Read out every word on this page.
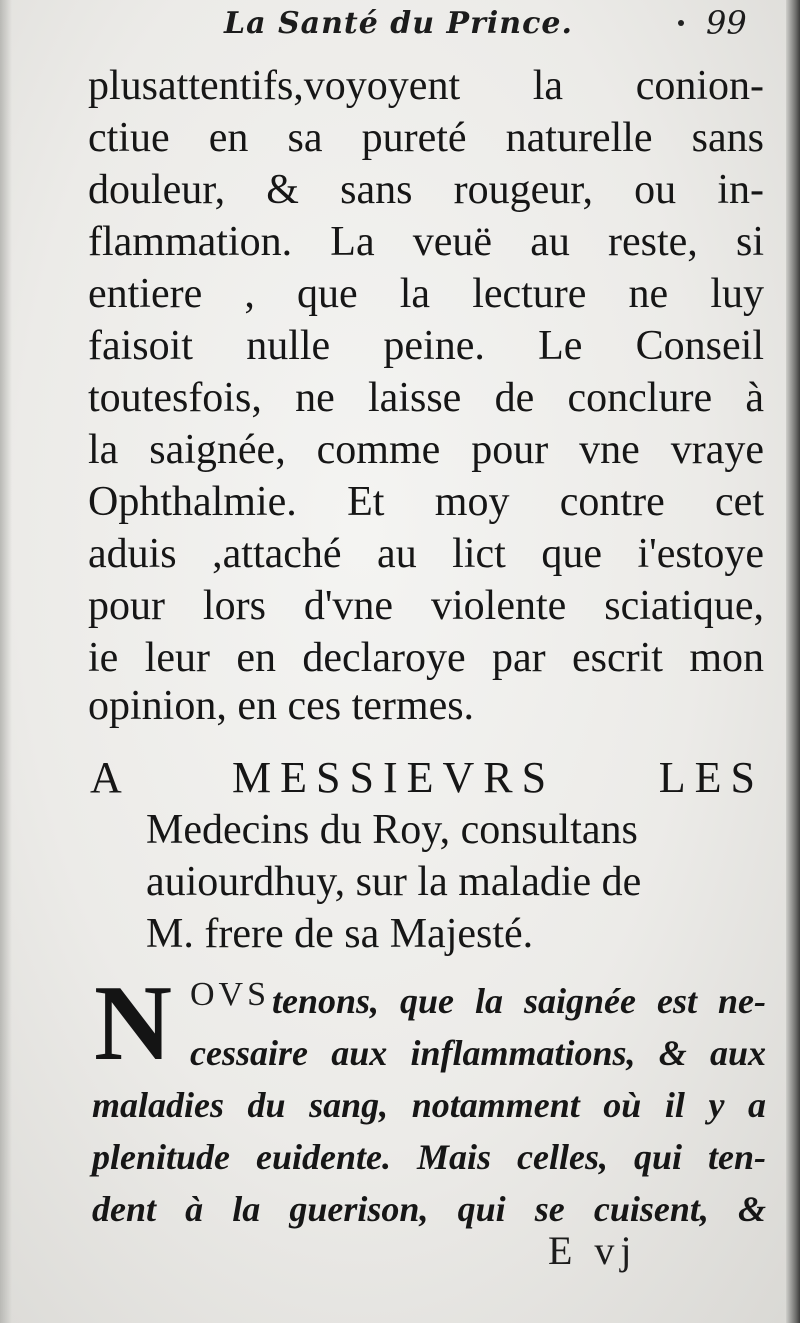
La Santé du Prince.	99
plusattentifs,voyoyent la conion-
ctiue en sa pureté naturelle sans
douleur, & sans rougeur, ou in-
flammation. La veuë au reste, si
entiere , que la lecture ne luy
faisoit nulle peine. Le Conseil
toutesfois, ne laisse de conclure à
la saignée, comme pour vne vraye
Ophthalmie. Et moy contre cet
aduis ,attaché au lict que i'estoye
pour lors d'vne violente sciatique,
ie leur en declaroye par escrit mon
opinion, en ces termes.
A MESSIEVRS LES
Medecins du Roy, consultans
auiourdhuy, sur la maladie de
M. frere de sa Majesté.
N OVS tenons, que la saignée est ne-
cessaire aux inflammations, & aux
maladies du sang, notamment où il y a
plenitude euidente. Mais celles, qui ten-
dent à la guerison, qui se cuisent, &
E vj
